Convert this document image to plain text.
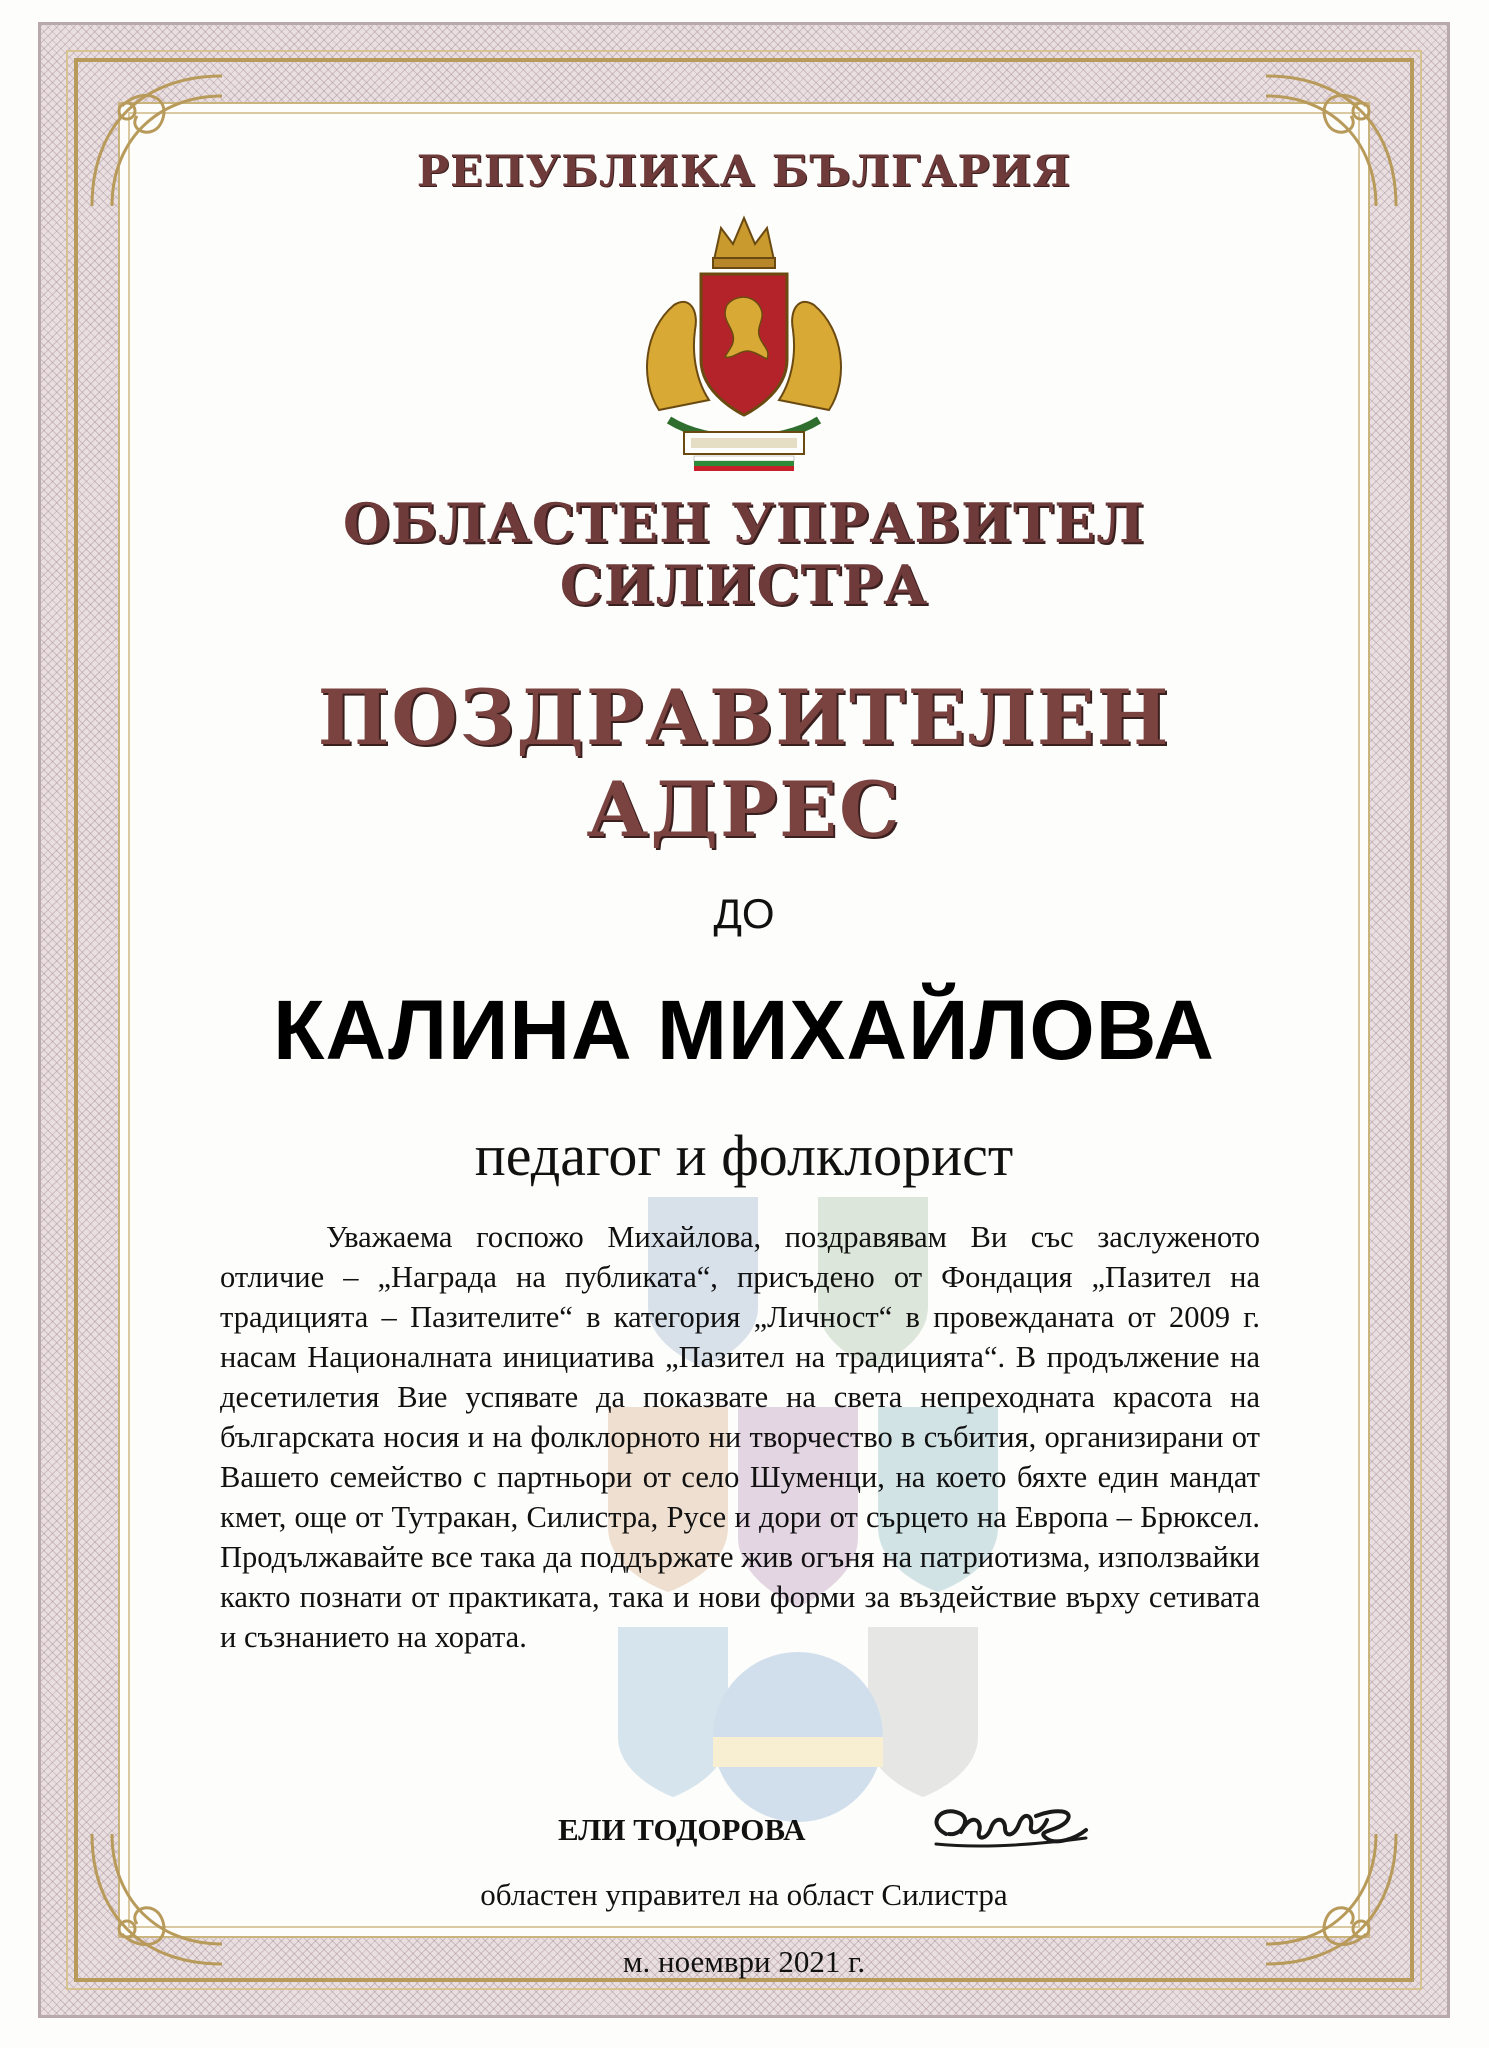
РЕПУБЛИКА БЪЛГАРИЯ
ОБЛАСТЕН УПРАВИТЕЛ
СИЛИСТРА
ПОЗДРАВИТЕЛЕН
АДРЕС
ДО
КАЛИНА МИХАЙЛОВА
педагог и фолклорист
Уважаема госпожо Михайлова, поздравявам Ви със заслуженото отличие – „Награда на публиката“, присъдено от Фондация „Пазител на традицията – Пазителите“ в категория „Личност“ в провежданата от 2009 г. насам Националната инициатива „Пазител на традицията“. В продължение на десетилетия Вие успявате да показвате на света непреходната красота на българската носия и на фолклорното ни творчество в събития, организирани от Вашето семейство с партньори от село Шуменци, на което бяхте един мандат кмет, още от Тутракан, Силистра, Русе и дори от сърцето на Европа – Брюксел. Продължавайте все така да поддържате жив огъня на патриотизма, използвайки както познати от практиката, така и нови форми за въздействие върху сетивата и съзнанието на хората.
ЕЛИ ТОДОРОВА
областен управител на област Силистра
м. ноември 2021 г.
